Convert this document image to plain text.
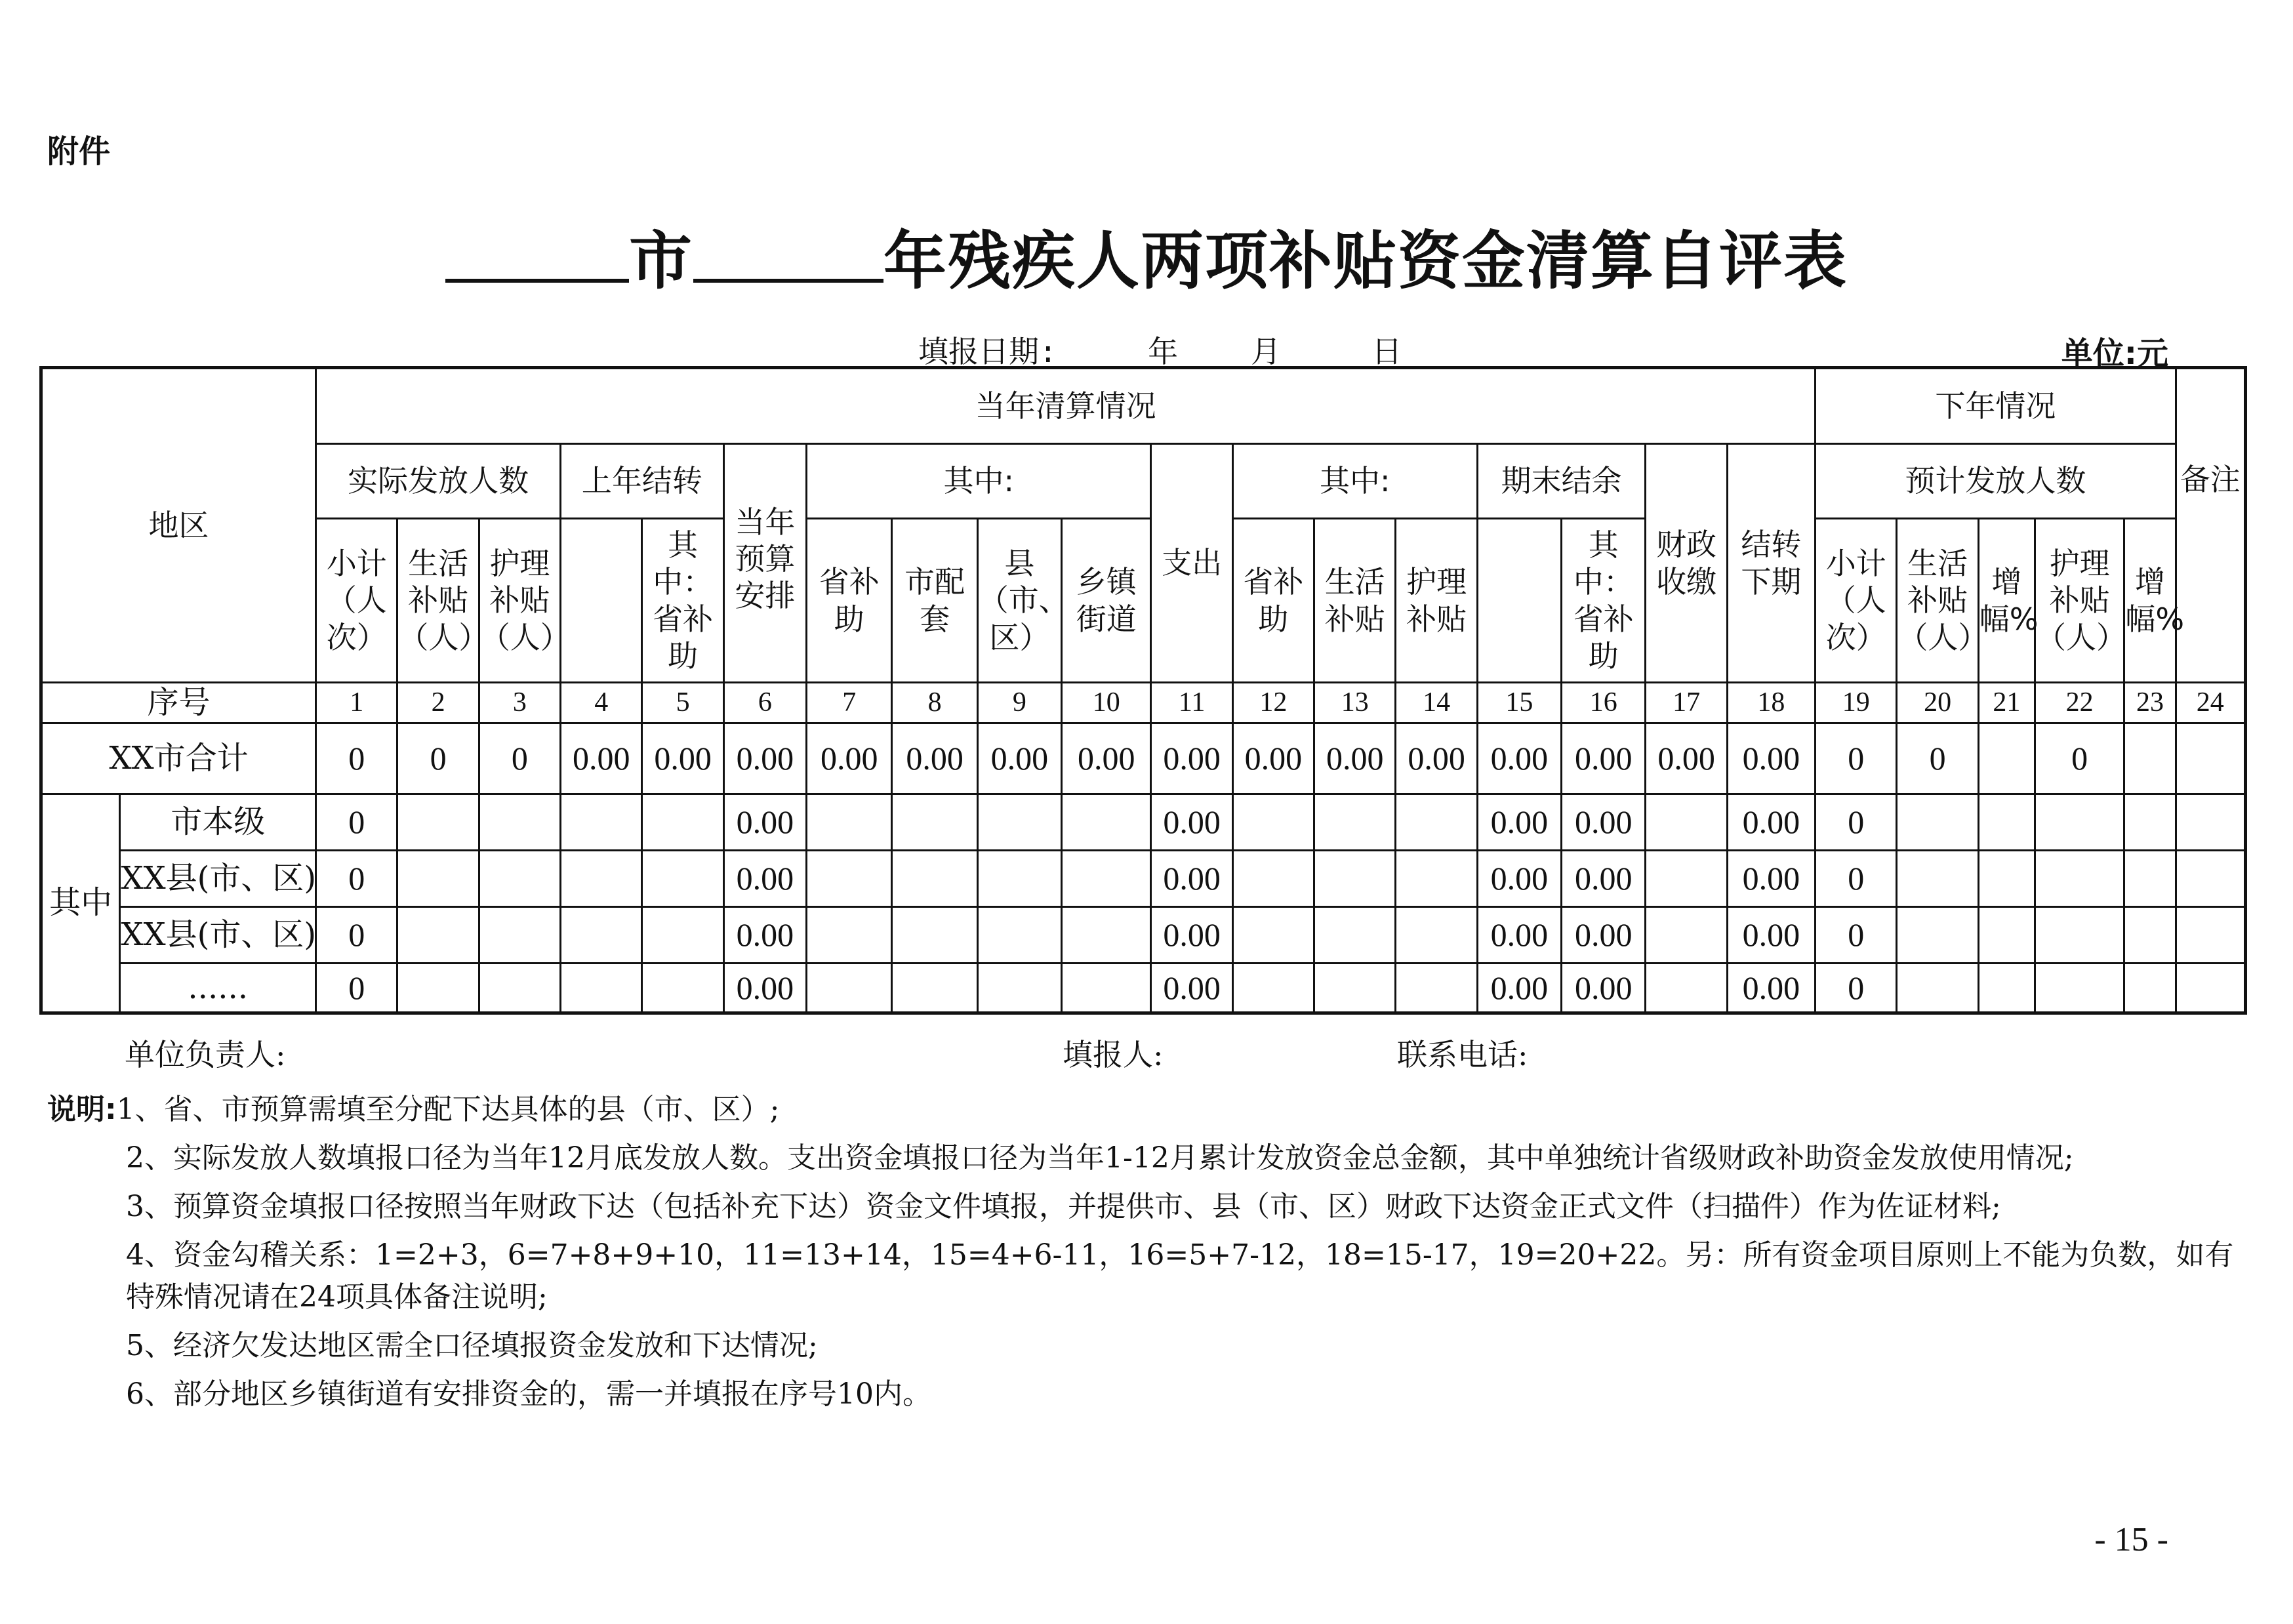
附件
市	年残疾人两项补贴资金清算自评表
填报日期:     年    月     日	单位:元
地区		当年清算情况																		下年情况					备注
		实际发放人数			上年结转		当年预算安排	其中:				支出	其中:			期末结余		财政收缴	结转下期	预计发放人数					
		小计（人次）	生活补贴（人）	护理补贴（人）		其中：省补助		省补助	市配套	县（市、区）	乡镇街道		省补助	生活补贴	护理补贴		其中：省补助			小计（人次）	生活补贴（人）	增幅%	护理补贴（人）	增幅%	
序号		1	2	3	4	5	6	7	8	9	10	11	12	13	14	15	16	17	18	19	20	21	22	23	24
XX市合计		0	0	0	0.00	0.00	0.00	0.00	0.00	0.00	0.00	0.00	0.00	0.00	0.00	0.00	0.00	0.00	0.00	0	0		0		
其中	市本级	0					0.00					0.00				0.00	0.00		0.00	0					
	XX县(市、区)	0					0.00					0.00				0.00	0.00		0.00	0					
	XX县(市、区)	0					0.00					0.00				0.00	0.00		0.00	0					
	......	0					0.00					0.00				0.00	0.00		0.00	0					
单位负责人:	填报人:	联系电话:
说明:1、省、市预算需填至分配下达具体的县（市、区）;
2、实际发放人数填报口径为当年12月底发放人数。支出资金填报口径为当年1-12月累计发放资金总金额，其中单独统计省级财政补助资金发放使用情况;
3、预算资金填报口径按照当年财政下达（包括补充下达）资金文件填报，并提供市、县（市、区）财政下达资金正式文件（扫描件）作为佐证材料;
4、资金勾稽关系：1=2+3，6=7+8+9+10，11=13+14，15=4+6-11，16=5+7-12，18=15-17，19=20+22。另：所有资金项目原则上不能为负数，如有特殊情况请在24项具体备注说明;
5、经济欠发达地区需全口径填报资金发放和下达情况;
6、部分地区乡镇街道有安排资金的，需一并填报在序号10内。
- 15 -
